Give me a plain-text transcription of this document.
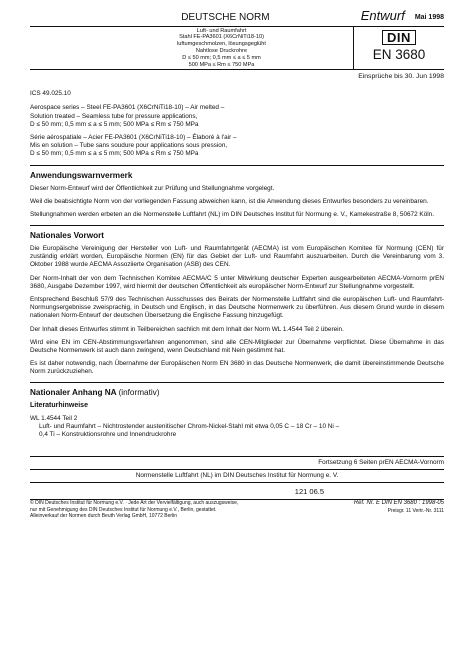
DEUTSCHE NORM	Entwurf Mai 1998
Luft- und Raumfahrt
Stahl FE-PA3601 (X6CrNiTi18-10)
luftumgeschmolzen, lösungsgeglüht
Nahtlose Druckrohre
D ≤ 50 mm; 0,5 mm ≤ a ≤ 5 mm
500 MPa ≤ Rm ≤ 750 MPa
DIN
EN 3680
Einsprüche bis 30. Jun 1998
ICS 49.025.10
Aerospace series – Steel FE-PA3601 (X6CrNiTi18-10) – Air melted –
Solution treated – Seamless tube for pressure applications,
D ≤ 50 mm; 0,5 mm ≤ a ≤ 5 mm; 500 MPa ≤ Rm ≤ 750 MPa
Série aérospatiale – Acier FE-PA3601 (X6CrNiTi18-10) – Élaboré à l'air –
Mis en solution – Tube sans soudure pour applications sous pression,
D ≤ 50 mm; 0,5 mm ≤ a ≤ 5 mm; 500 MPa ≤ Rm ≤ 750 MPa
Anwendungswarnvermerk
Dieser Norm-Entwurf wird der Öffentlichkeit zur Prüfung und Stellungnahme vorgelegt.
Weil die beabsichtigte Norm von der vorliegenden Fassung abweichen kann, ist die Anwendung dieses Entwurfes besonders zu vereinbaren.
Stellungnahmen werden erbeten an die Normenstelle Luftfahrt (NL) im DIN Deutsches Institut für Normung e. V., Kamekestraße 8, 50672 Köln.
Nationales Vorwort
Die Europäische Vereinigung der Hersteller von Luft- und Raumfahrtgerät (AECMA) ist vom Europäischen Komitee für Normung (CEN) für zuständig erklärt worden, Europäische Normen (EN) für das Gebiet der Luft- und Raumfahrt auszuarbeiten. Durch die Vereinbarung vom 3. Oktober 1988 wurde AECMA Assoziierte Organisation (ASB) des CEN.
Der Norm-Inhalt der von dem Technischen Komitee AECMA/C 5 unter Mitwirkung deutscher Experten ausgearbeiteten AECMA-Vornorm prEN 3680, Ausgabe Dezember 1997, wird hiermit der deutschen Öffentlichkeit als europäischer Norm-Entwurf zur Stellungnahme vorgestellt.
Entsprechend Beschluß 57/9 des Technischen Ausschusses des Beirats der Normenstelle Luftfahrt sind die europäischen Luft- und Raumfahrt-Normungsergebnisse zweisprachig, in Deutsch und Englisch, in das Deutsche Normenwerk zu überführen. Aus diesem Grund wurde in diesem nationalen Norm-Entwurf der deutschen Übersetzung die Englische Fassung hinzugefügt.
Der Inhalt dieses Entwurfes stimmt in Teilbereichen sachlich mit dem Inhalt der Norm WL 1.4544 Teil 2 überein.
Wird eine EN im CEN-Abstimmungsverfahren angenommen, sind alle CEN-Mitglieder zur Übernahme verpflichtet. Diese Übernahme in das Deutsche Normenwerk ist auch dann zwingend, wenn Deutschland mit Nein gestimmt hat.
Es ist daher notwendig, nach Übernahme der Europäischen Norm EN 3680 in das Deutsche Normenwerk, die damit übereinstimmende Deutsche Norm zurückzuziehen.
Nationaler Anhang NA (informativ)
Literaturhinweise
WL 1.4544 Teil 2
Luft- und Raumfahrt – Nichtrostender austenitischer Chrom-Nickel-Stahl mit etwa 0,05 C – 18 Cr – 10 Ni –
0,4 Ti – Konstruktionsrohre und Innendruckrohre
Fortsetzung 6 Seiten prEN AECMA-Vornorm
Normenstelle Luftfahrt (NL) im DIN Deutsches Institut für Normung e. V.
121 06.5
© DIN Deutsches Institut für Normung e.V. · Jede Art der Vervielfältigung, auch auszugsweise,
nur mit Genehmigung des DIN Deutsches Institut für Normung e.V., Berlin, gestattet.
Alleinverkauf der Normen durch Beuth Verlag GmbH, 10772 Berlin
Ref. Nr. E DIN EN 3680 : 1998-05
Preisgr. 11 Vertr.-Nr. 3111
